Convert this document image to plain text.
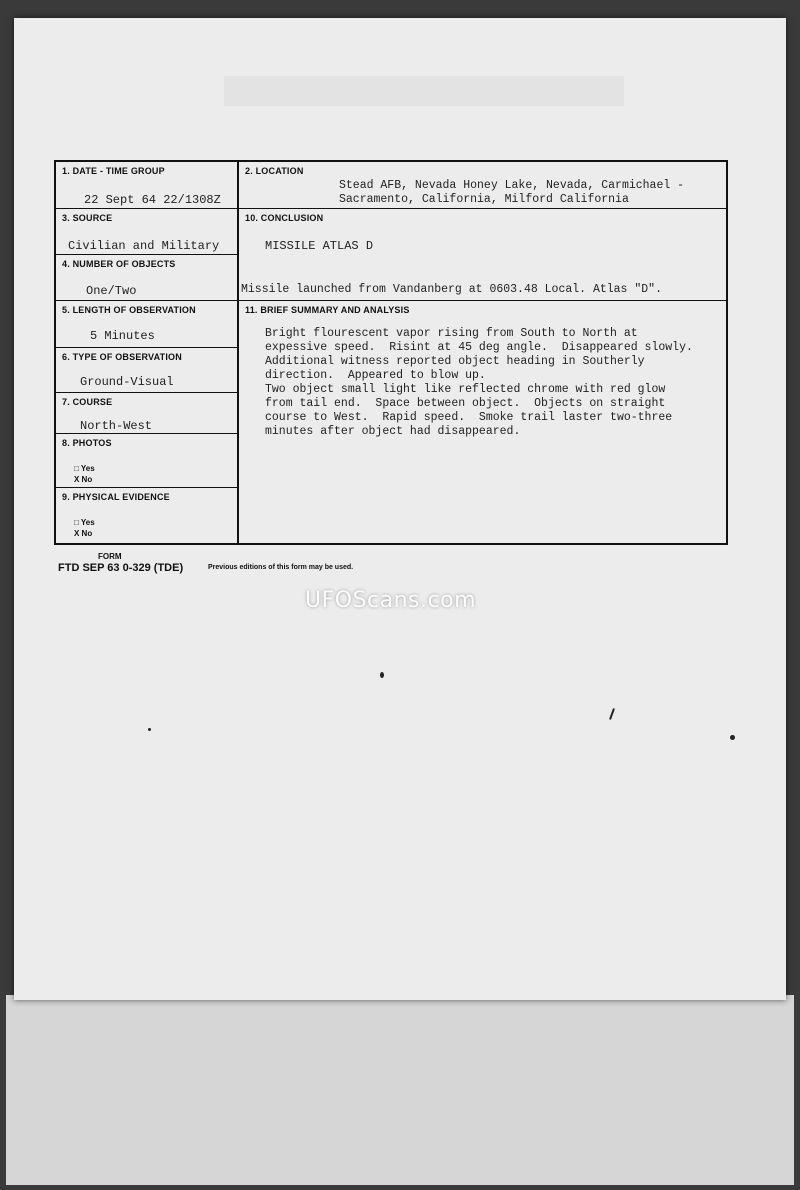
1. DATE - TIME GROUP
22 Sept 64 22/1308Z
3. SOURCE
Civilian and Military
4. NUMBER OF OBJECTS
One/Two
5. LENGTH OF OBSERVATION
5 Minutes
6. TYPE OF OBSERVATION
Ground-Visual
7. COURSE
North-West
8. PHOTOS
□ Yes
X No
9. PHYSICAL EVIDENCE
□ Yes
X No
2. LOCATION
Stead AFB, Nevada Honey Lake, Nevada, Carmichael -
Sacramento, California, Milford California
10. CONCLUSION
MISSILE ATLAS D
Missile launched from Vandanberg at 0603.48 Local. Atlas "D".
11. BRIEF SUMMARY AND ANALYSIS
Bright flourescent vapor rising from South to North at
expessive speed.  Risint at 45 deg angle.  Disappeared slowly.
Additional witness reported object heading in Southerly
direction.  Appeared to blow up.
Two object small light like reflected chrome with red glow
from tail end.  Space between object.  Objects on straight
course to West.  Rapid speed.  Smoke trail laster two-three
minutes after object had disappeared.
FORM
FTD SEP 63 0-329 (TDE)	Previous editions of this form may be used.
UFOScans.com
